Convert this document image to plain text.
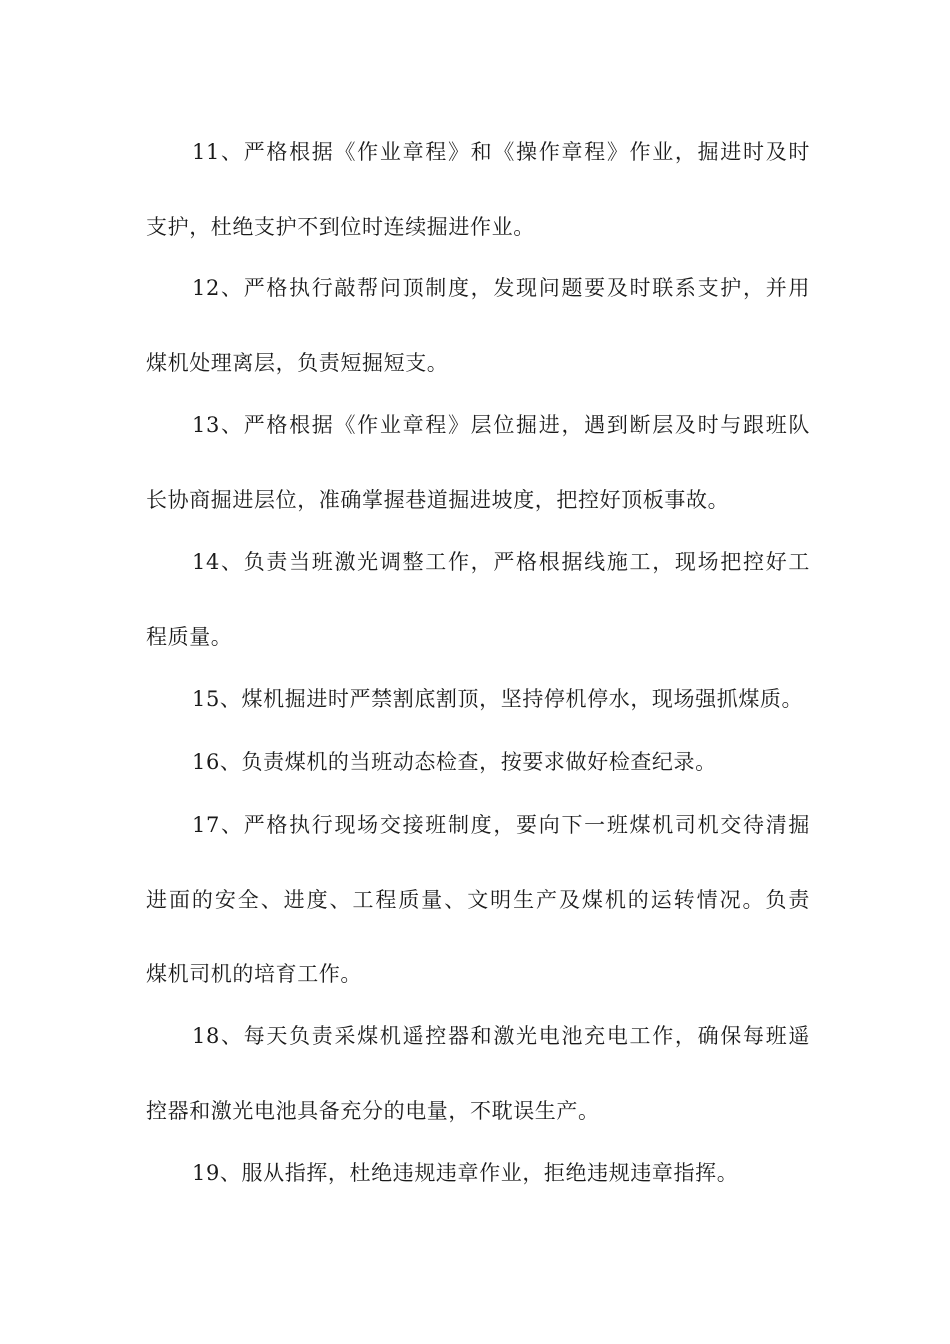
11、严格根据《作业章程》和《操作章程》作业，掘进时及时
支护，杜绝支护不到位时连续掘进作业。
12、严格执行敲帮问顶制度，发现问题要及时联系支护，并用
煤机处理离层，负责短掘短支。
13、严格根据《作业章程》层位掘进，遇到断层及时与跟班队
长协商掘进层位，准确掌握巷道掘进坡度，把控好顶板事故。
14、负责当班激光调整工作，严格根据线施工，现场把控好工
程质量。
15、煤机掘进时严禁割底割顶，坚持停机停水，现场强抓煤质。
16、负责煤机的当班动态检查，按要求做好检查纪录。
17、严格执行现场交接班制度，要向下一班煤机司机交待清掘
进面的安全、进度、工程质量、文明生产及煤机的运转情况。负责
煤机司机的培育工作。
18、每天负责采煤机遥控器和激光电池充电工作，确保每班遥
控器和激光电池具备充分的电量，不耽误生产。
19、服从指挥，杜绝违规违章作业，拒绝违规违章指挥。
